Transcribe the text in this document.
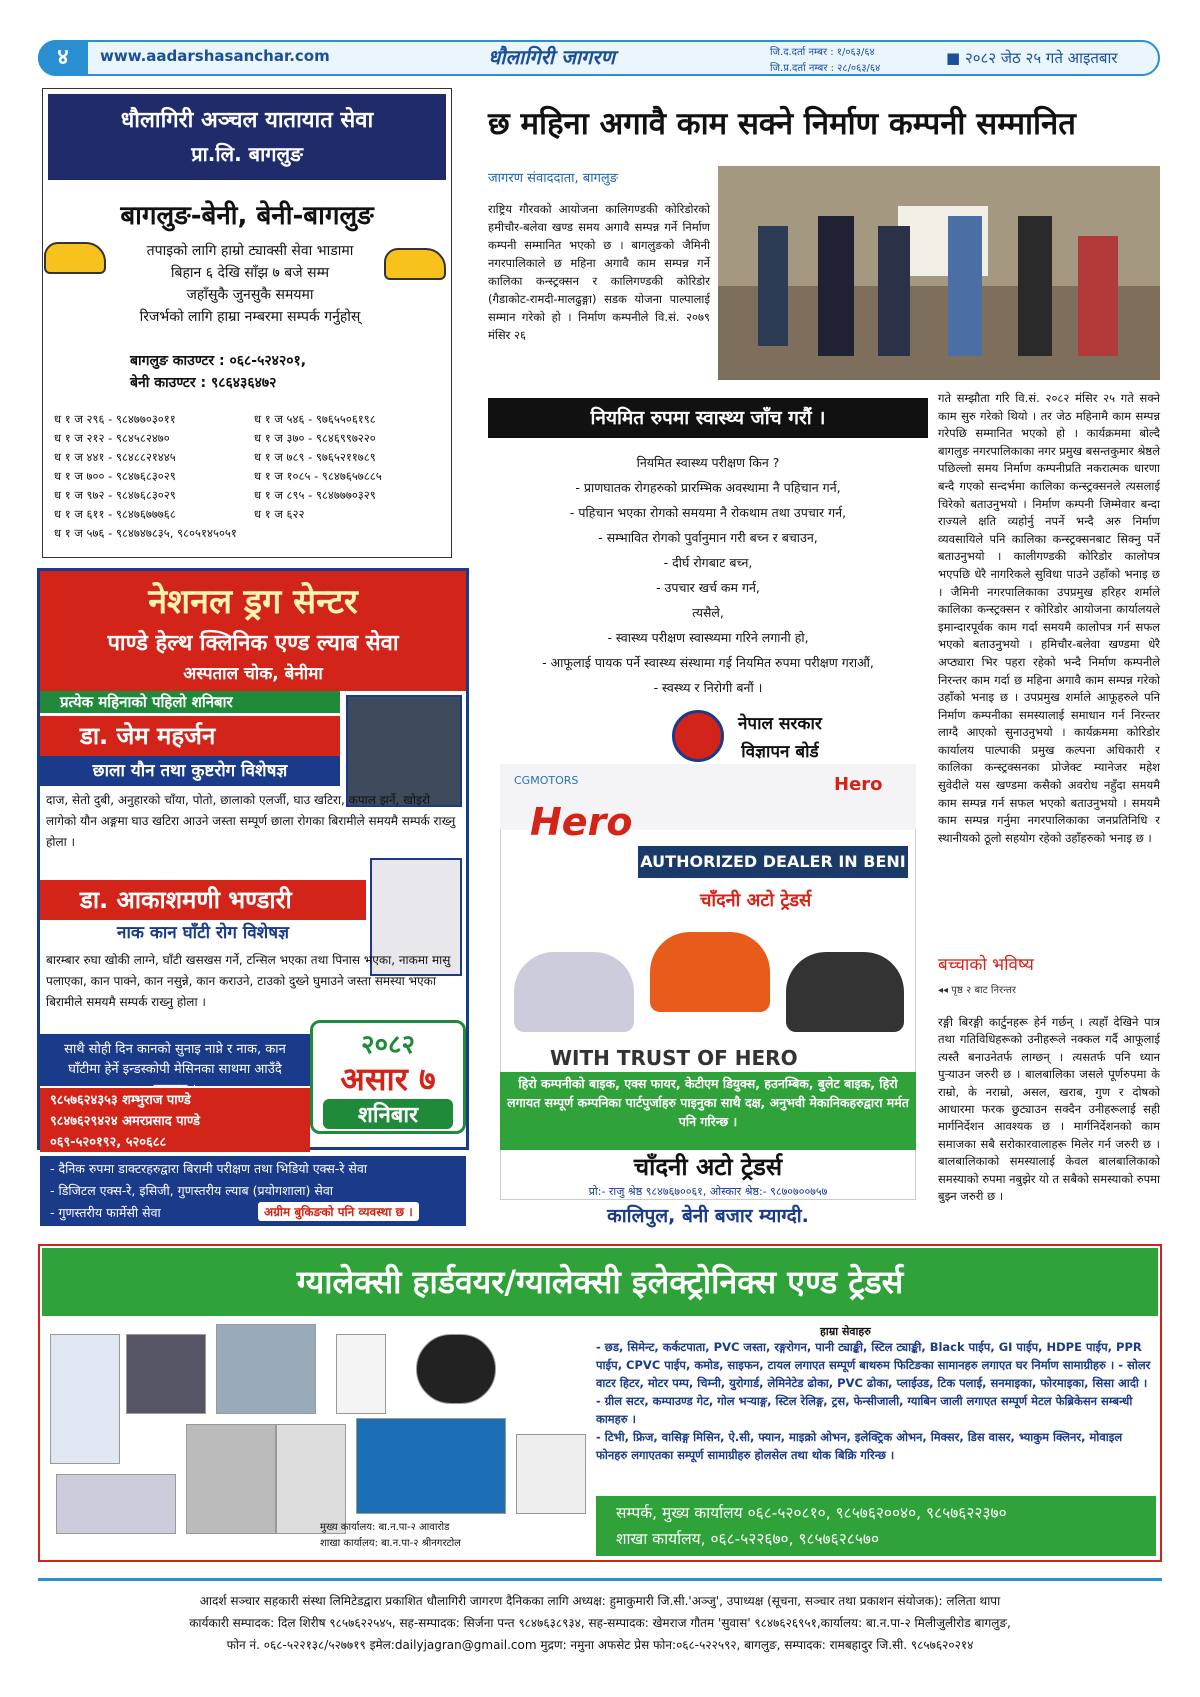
४	www.aadarshasanchar.com	धौलागिरी जागरण	जि.द.दर्ता नम्बर : १/०६३/६४
जि.प्र.दर्ता नम्बर : २८/०६३/६४
■ २०८२ जेठ २५ गते आइतबार
धौलागिरी अञ्चल यातायात सेवा
प्रा.लि. बागलुङ
बागलुङ-बेनी, बेनी-बागलुङ
तपाइको लागि हाम्रो ट्याक्सी सेवा भाडामा
बिहान ६ देखि साँझ ७ बजे सम्म
जहाँसुकै जुनसुकै समयमा
रिजर्भको लागि हाम्रा नम्बरमा सम्पर्क गर्नुहोस्
बागलुङ काउण्टर : ०६८-५२४२०१,
बेनी काउण्टर : ९८६४३६४७२
ध १ ज २९६ - ९८४७७०३०११
ध १ ज २१२ - ९८४५८२४७०
ध १ ज ४४१ - ९८४८८२१४४५
ध १ ज ७०० - ९८४७६८३०२९
ध १ ज ९७२ - ९८४७६८३०२९
ध १ ज ६११ - ९८४७६७७७६८
ध १ ज ५७६ - ९८४७४७८३५, ९८०५१४५०५१
ध १ ज ५४६ - ९७६५५०६१९८
ध १ ज ३७० - ९८४६९९७२२०
ध १ ज ७८९ - ९७६५२११७८९
ध १ ज १०८५ - ९८४७६५७८८५
ध १ ज ८९५ - ९८४७७७०३२९
ध १ ज ६२२
नेशनल ड्रग सेन्टर
पाण्डे हेल्थ क्लिनिक एण्ड ल्याब सेवा
अस्पताल चोक, बेनीमा
प्रत्येक महिनाको पहिलो शनिबार
डा. जेम महर्जन
छाला यौन तथा कुष्टरोग विशेषज्ञ
दाज, सेतो दुबी, अनुहारको चाँया, पोतो, छालाको एलर्जी, घाउ खटिरा, कपाल झर्ने, खोइरो लागेको यौन अङ्गमा घाउ खटिरा आउने जस्ता सम्पूर्ण छाला रोगका बिरामीले समयमै सम्पर्क राख्नु होला ।
डा. आकाशमणी भण्डारी
नाक कान घाँटी रोग विशेषज्ञ
बारम्बार रुघा खोकी लाग्ने, घाँटी खसखस गर्ने, टन्सिल भएका तथा पिनास भएका, नाकमा मासु पलाएका, कान पाक्ने, कान नसुन्ने, कान कराउने, टाउको दुख्ने घुमाउने जस्ता समस्या भएका बिरामीले समयमै सम्पर्क राख्नु होला ।
साथै सोही दिन कानको सुनाइ नाप्ने र नाक, कान घाँटीमा हेर्ने इन्डस्कोपी मेसिनका साथमा आउँदै
२०८२
असार ७
शनिबार
९८५७६२४३५३ शम्भुराज पाण्डे
९८४७६२९४२४ अमरप्रसाद पाण्डे
०६९-५२०१९२, ५२०६८८
- दैनिक रुपमा डाक्टरहरुद्वारा बिरामी परीक्षण तथा भिडियो एक्स-रे सेवा
- डिजिटल एक्स-रे, इसिजी, गुणस्तरीय ल्याब (प्रयोगशाला) सेवा
- गुणस्तरीय फार्मेसी सेवा	अग्रीम बुकिङको पनि व्यवस्था छ ।
छ महिना अगावै काम सक्ने निर्माण कम्पनी सम्मानित
जागरण संवाददाता, बागलुङ
राष्ट्रिय गौरवको आयोजना कालिगण्डकी कोरिडोरको हमीचौर-बलेवा खण्ड समय अगावै सम्पन्न गर्ने निर्माण कम्पनी सम्मानित भएको छ । बागलुङको जैमिनी नगरपालिकाले छ महिना अगावै काम सम्पन्न गर्ने कालिका कन्स्ट्रक्सन र कालिगण्डकी कोरिडोर (गैडाकोट-रामदी-मालढुङ्गा) सडक योजना पाल्पालाई सम्मान गरेको हो । निर्माण कम्पनीले वि.सं. २०७९ मंसिर २६
गते सम्झौता गरि वि.सं. २०८२ मंसिर २५ गते सक्ने काम सुरु गरेको थियो । तर जेठ महिनामै काम सम्पन्न गरेपछि सम्मानित भएको हो । कार्यक्रममा बोल्दै बागलुङ नगरपालिकाका नगर प्रमुख बसन्तकुमार श्रेष्ठले पछिल्लो समय निर्माण कम्पनीप्रति नकरात्मक धारणा बन्दै गएको सन्दर्भमा कालिका कन्स्ट्रक्सनले त्यसलाई चिरेको बताउनुभयो । निर्माण कम्पनी जिम्मेवार बन्दा राज्यले क्षति व्यहोर्नु नपर्ने भन्दै अरु निर्माण व्यवसायिले पनि कालिका कन्स्ट्रक्सनबाट सिक्नु पर्ने बताउनुभयो । कालीगण्डकी कोरिडोर कालोपत्र भएपछि धेरै नागरिकले सुविधा पाउने उहाँको भनाइ छ । जैमिनी नगरपालिकाका उपप्रमुख हरिहर शर्माले कालिका कन्स्ट्रक्सन र कोरिडोर आयोजना कार्यालयले इमान्दारपूर्वक काम गर्दा समयमै कालोपत्र गर्न सफल भएको बताउनुभयो । हमिचौर-बलेवा खण्डमा धेरै अप्ठ्यारा भिर पहरा रहेको भन्दै निर्माण कम्पनीले निरन्तर काम गर्दा छ महिना अगावै काम सम्पन्न गरेको उहाँको भनाइ छ । उपप्रमुख शर्माले आफूहरुले पनि निर्माण कम्पनीका समस्यालाई समाधान गर्न निरन्तर लाग्दै आएको सुनाउनुभयो । कार्यक्रममा कोरिडोर कार्यालय पाल्पाकी प्रमुख कल्पना अधिकारी र कालिका कन्स्ट्रक्सनका प्रोजेक्ट म्यानेजर महेश सुवेदीले यस खण्डमा कसैको अवरोध नहुँदा समयमै काम सम्पन्न गर्न सफल भएको बताउनुभयो । समयमै काम सम्पन्न गर्नुमा नगरपालिकाका जनप्रतिनिधि र स्थानीयको ठूलो सहयोग रहेको उहाँहरुको भनाइ छ ।
नियमित रुपमा स्वास्थ्य जाँच गरौं ।
नियमित स्वास्थ्य परीक्षण किन ?
- प्राणघातक रोगहरुको प्रारम्भिक अवस्थामा नै पहिचान गर्न,
- पहिचान भएका रोगको समयमा नै रोकथाम तथा उपचार गर्न,
- सम्भावित रोगको पुर्वानुमान गरी बच्न र बचाउन,
- दीर्घ रोगबाट बच्न,
- उपचार खर्च कम गर्न,
त्यसैले,
- स्वास्थ्य परीक्षण स्वास्थ्यमा गरिने लगानी हो,
- आफूलाई पायक पर्ने स्वास्थ्य संस्थामा गई नियमित रुपमा परीक्षण गराऔं,
- स्वस्थ्य र निरोगी बनौं ।
नेपाल सरकार
विज्ञापन बोर्ड
CGMOTORS	Hero
Hero
AUTHORIZED DEALER IN BENI
चाँदनी अटो ट्रेडर्स
WITH TRUST OF HERO
हिरो कम्पनीको बाइक, एक्स फायर, केटीएम डियुक्स, हउनम्बिक, बुलेट बाइक, हिरो लगायत सम्पूर्ण कम्पनिका पार्टपुर्जाहरु पाइनुका साथै दक्ष, अनुभवी मेकानिकहरुद्वारा मर्मत पनि गरिन्छ ।
चाँदनी अटो ट्रेडर्स
प्रो:- राजु श्रेष्ठ ९८४७६७००६१, ओस्कार श्रेष्ठ:- ९८७०७००७५७
कालिपुल, बेनी बजार म्याग्दी.
बच्चाको भविष्य
◂◂ पृष्ठ २ बाट निरन्तर
रङ्गी बिरङ्गी कार्टुनहरू हेर्न गर्छन् । त्यहाँ देखिने पात्र तथा गतिविधिहरूको उनीहरूले नक्कल गर्दै आफूलाई त्यस्तै बनाउनेतर्फ लाग्छन् । त्यसतर्फ पनि ध्यान पुऱ्याउन जरुरी छ । बालबालिका जसले पूर्णरुपमा के राम्रो, के नराम्रो, असल, खराब, गुण र दोषको आधारमा फरक छुट्याउन सक्दैन उनीहरूलाई सही मार्गनिर्देशन आवश्यक छ । मार्गनिर्देशनको काम समाजका सबै सरोकारवालाहरू मिलेर गर्न जरुरी छ । बालबालिकाको समस्यालाई केवल बालबालिकाको समस्याको रुपमा नबुझेर यो त सबैको समस्याको रुपमा बुझ्न जरुरी छ ।
ग्यालेक्सी हार्डवयर/ग्यालेक्सी इलेक्ट्रोनिक्स एण्ड ट्रेडर्स
मुख्य कार्यालय: बा.न.पा-२ आवारोड
शाखा कार्यालय: बा.न.पा-२ श्रीनगरटोल
हाम्रा सेवाहरु
- छड, सिमेन्ट, कर्कटपाता, PVC जस्ता, रङ्गरोगन, पानी ट्याङ्की, स्टिल ट्याङ्की, Black पाईप, GI पाईप, HDPE पाईप, PPR पाईप, CPVC पाईप, कमोड, साइफन, टायल लगाएत सम्पूर्ण बाथरुम फिटिङका सामानहरु लगाएत घर निर्माण सामाग्रीहरु । - सोलर वाटर हिटर, मोटर पम्प, चिम्नी, युरोगार्ड, लेमिनेटेड ढोका, PVC ढोका, प्लाईउड, टिक पलाई, सनमाइका, फोरमाइका, सिसा आदी ।
- ग्रील सटर, कम्पाउण्ड गेट, गोल भऱ्याङ्ग, स्टिल रेलिङ्ग, ट्रस, फेन्सीजाली, ग्याबिन जाली लगाएत सम्पूर्ण मेटल फेब्रिकेसन सम्बन्धी कामहरु ।
- टिभी, फ्रिज, वासिङ्ग मिसिन, ऐ.सी, फ्यान, माइक्रो ओभन, इलेक्ट्रिक ओभन, मिक्सर, डिस वासर, भ्याकुम क्लिनर, मोवाइल फोनहरु लगाएतका सम्पूर्ण सामाग्रीहरु होलसेल तथा थोक बिक्रि गरिन्छ ।
सम्पर्क, मुख्य कार्यालय ०६८-५२०८१०, ९८५७६२००४०, ९८५७६२२३७०
शाखा कार्यालय, ०६८-५२२६७०, ९८५७६२८५७०
आदर्श सञ्चार सहकारी संस्था लिमिटेडद्वारा प्रकाशित धौलागिरी जागरण दैनिकका लागि अध्यक्ष: हुमाकुमारी जि.सी.'अञ्जु', उपाध्यक्ष (सूचना, सञ्चार तथा प्रकाशन संयोजक): ललिता थापा
कार्यकारी सम्पादक: दिल शिरीष ९८५७६२२५४५, सह-सम्पादक: सिर्जना पन्त ९८४७६३८९३४, सह-सम्पादक: खेमराज गौतम 'सुवास' ९८४७६२६९५१,कार्यालय: बा.न.पा-२ मिलीजुलीरोड बागलुङ,
फोन नं. ०६८-५२२१३८/५२७७१९ इमेल:dailyjagran@gmail.com मुद्रण: नमुना अफसेट प्रेस फोन:०६८-५२२५९२, बागलुङ, सम्पादक: रामबहादुर जि.सी. ९८५७६२०२१४
